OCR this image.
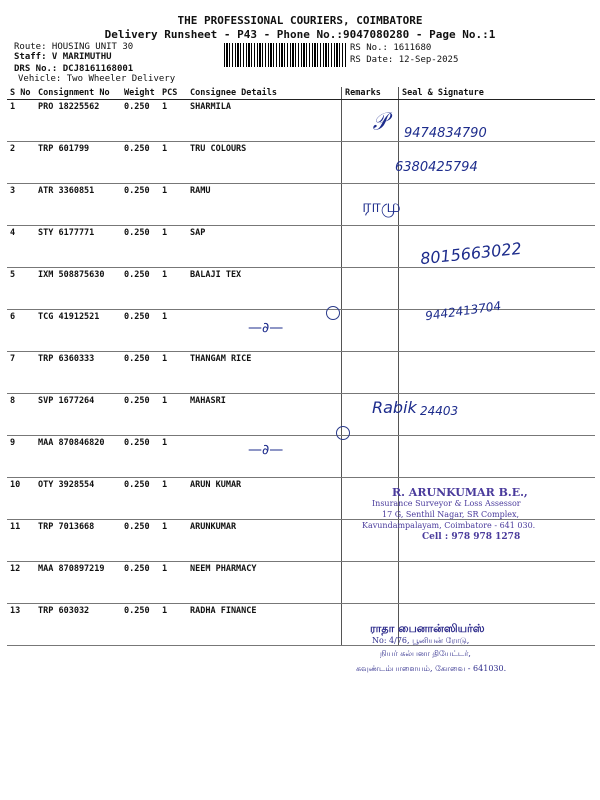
THE PROFESSIONAL COURIERS, COIMBATORE
Delivery Runsheet - P43 - Phone No.:9047080280 - Page No.:1
Route: HOUSING UNIT 30
Staff: V MARIMUTHU
DRS No.: DCJ8161168001
Vehicle: Two Wheeler Delivery
RS No.: 1611680
RS Date: 12-Sep-2025
S No	Consignment No	Weight	PCS	Consignee Details	Remarks	Seal & Signature
1	PRO 18225562	0.250	1	SHARMILA		
2	TRP 601799	0.250	1	TRU COLOURS		
3	ATR 3360851	0.250	1	RAMU		
4	STY 6177771	0.250	1	SAP		
5	IXM 508875630	0.250	1	BALAJI TEX		
6	TCG 41912521	0.250	1			
7	TRP 6360333	0.250	1	THANGAM RICE		
8	SVP 1677264	0.250	1	MAHASRI		
9	MAA 870846820	0.250	1			
10	OTY 3928554	0.250	1	ARUN KUMAR		
11	TRP 7013668	0.250	1	ARUNKUMAR		
12	MAA 870897219	0.250	1	NEEM PHARMACY		
13	TRP 603032	0.250	1	RADHA FINANCE		
𝒫 9474834790
6380425794
ராமு
8015663022
9442413704
Rabik 24403
—∂—
—∂—
R. ARUNKUMAR B.E.,
Insurance Surveyor & Loss Assessor
17 G, Senthil Nagar, SR Complex,
Kavundampalayam, Coimbatore - 641 030.
Cell : 978 978 1278
ராதா பைனான்ஸியர்ஸ்
No: 4/76, பூனியன் ரோடு,
நியர் கல்பனா தியேட்டர்,
கவுண்டம்பாளையம், கோவை - 641030.
